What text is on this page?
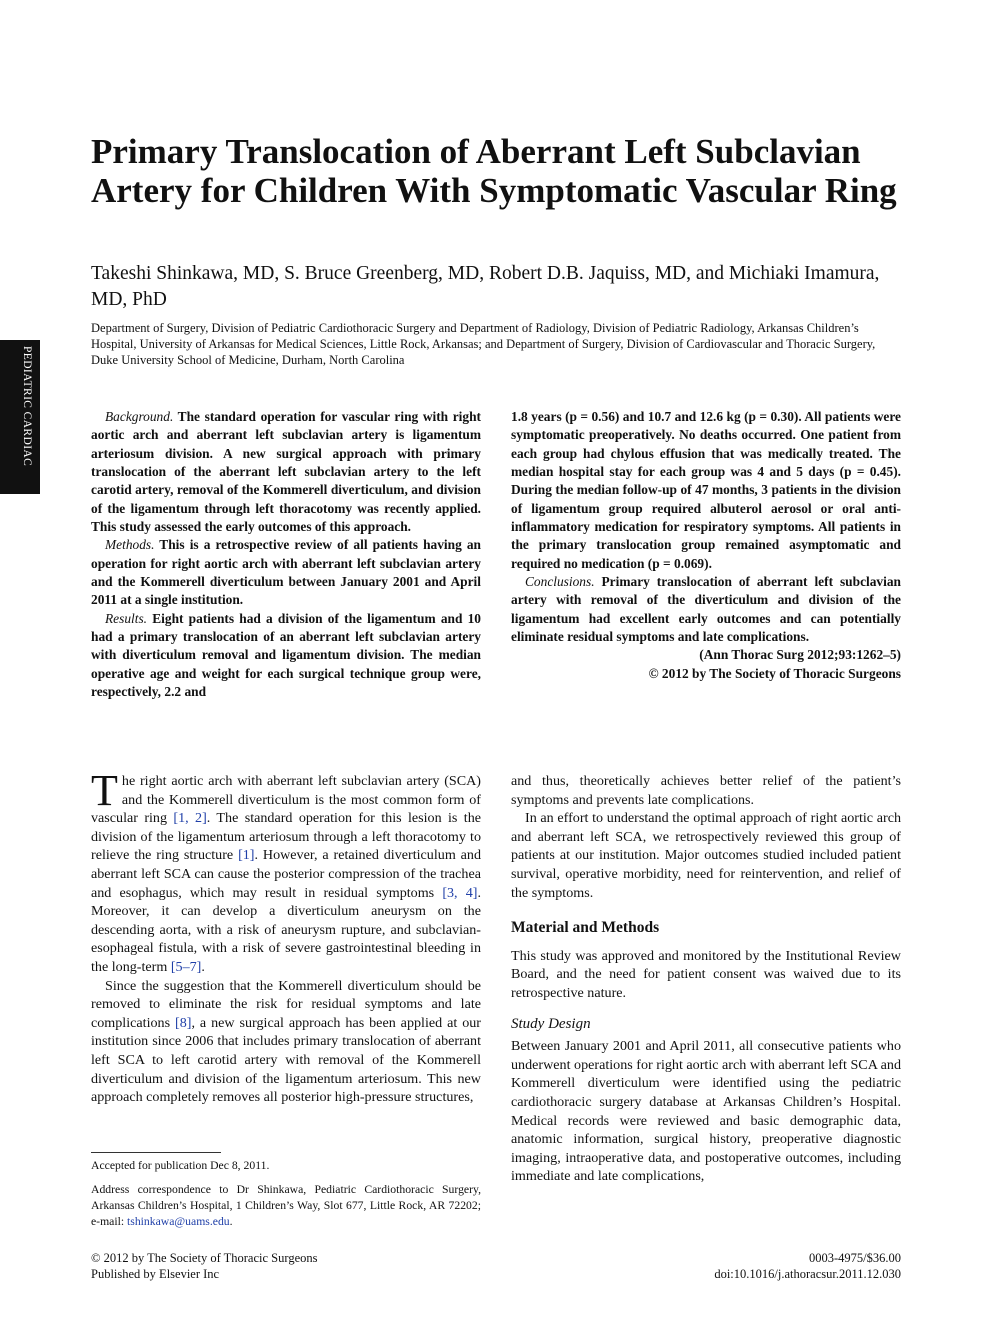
PEDIATRIC CARDIAC
Primary Translocation of Aberrant Left Subclavian Artery for Children With Symptomatic Vascular Ring

Takeshi Shinkawa, MD, S. Bruce Greenberg, MD, Robert D.B. Jaquiss, MD, and Michiaki Imamura, MD, PhD

Department of Surgery, Division of Pediatric Cardiothoracic Surgery and Department of Radiology, Division of Pediatric Radiology, Arkansas Children’s Hospital, University of Arkansas for Medical Sciences, Little Rock, Arkansas; and Department of Surgery, Division of Cardiovascular and Thoracic Surgery, Duke University School of Medicine, Durham, North Carolina

Background. The standard operation for vascular ring with right aortic arch and aberrant left subclavian artery is ligamentum arteriosum division. A new surgical approach with primary translocation of the aberrant left subclavian artery to the left carotid artery, removal of the Kommerell diverticulum, and division of the ligamentum through left thoracotomy was recently applied. This study assessed the early outcomes of this approach.

Methods. This is a retrospective review of all patients having an operation for right aortic arch with aberrant left subclavian artery and the Kommerell diverticulum between January 2001 and April 2011 at a single institution.

Results. Eight patients had a division of the ligamentum and 10 had a primary translocation of an aberrant left subclavian artery with diverticulum removal and ligamentum division. The median operative age and weight for each surgical technique group were, respectively, 2.2 and

1.8 years (p = 0.56) and 10.7 and 12.6 kg (p = 0.30). All patients were symptomatic preoperatively. No deaths occurred. One patient from each group had chylous effusion that was medically treated. The median hospital stay for each group was 4 and 5 days (p = 0.45). During the median follow-up of 47 months, 3 patients in the division of ligamentum group required albuterol aerosol or oral anti-inflammatory medication for respiratory symptoms. All patients in the primary translocation group remained asymptomatic and required no medication (p = 0.069).

Conclusions. Primary translocation of aberrant left subclavian artery with removal of the diverticulum and division of the ligamentum had excellent early outcomes and can potentially eliminate residual symptoms and late complications.

(Ann Thorac Surg 2012;93:1262–5)

© 2012 by The Society of Thoracic Surgeons

The right aortic arch with aberrant left subclavian artery (SCA) and the Kommerell diverticulum is the most common form of vascular ring [1, 2]. The standard operation for this lesion is the division of the ligamentum arteriosum through a left thoracotomy to relieve the ring structure [1]. However, a retained diverticulum and aberrant left SCA can cause the posterior compression of the trachea and esophagus, which may result in residual symptoms [3, 4]. Moreover, it can develop a diverticulum aneurysm on the descending aorta, with a risk of aneurysm rupture, and subclavian-esophageal fistula, with a risk of severe gastrointestinal bleeding in the long-term [5–7].

Since the suggestion that the Kommerell diverticulum should be removed to eliminate the risk for residual symptoms and late complications [8], a new surgical approach has been applied at our institution since 2006 that includes primary translocation of aberrant left SCA to left carotid artery with removal of the Kommerell diverticulum and division of the ligamentum arteriosum. This new approach completely removes all posterior high-pressure structures,

and thus, theoretically achieves better relief of the patient’s symptoms and prevents late complications.

In an effort to understand the optimal approach of right aortic arch and aberrant left SCA, we retrospectively reviewed this group of patients at our institution. Major outcomes studied included patient survival, operative morbidity, need for reintervention, and relief of the symptoms.

Material and Methods

This study was approved and monitored by the Institutional Review Board, and the need for patient consent was waived due to its retrospective nature.

Study Design

Between January 2001 and April 2011, all consecutive patients who underwent operations for right aortic arch with aberrant left SCA and Kommerell diverticulum were identified using the pediatric cardiothoracic surgery database at Arkansas Children’s Hospital. Medical records were reviewed and basic demographic data, anatomic information, surgical history, preoperative diagnostic imaging, intraoperative data, and postoperative outcomes, including immediate and late complications,

Accepted for publication Dec 8, 2011.

Address correspondence to Dr Shinkawa, Pediatric Cardiothoracic Surgery, Arkansas Children’s Hospital, 1 Children’s Way, Slot 677, Little Rock, AR 72202; e-mail: tshinkawa@uams.edu.

© 2012 by The Society of Thoracic Surgeons
Published by Elsevier Inc
0003-4975/$36.00
doi:10.1016/j.athoracsur.2011.12.030
